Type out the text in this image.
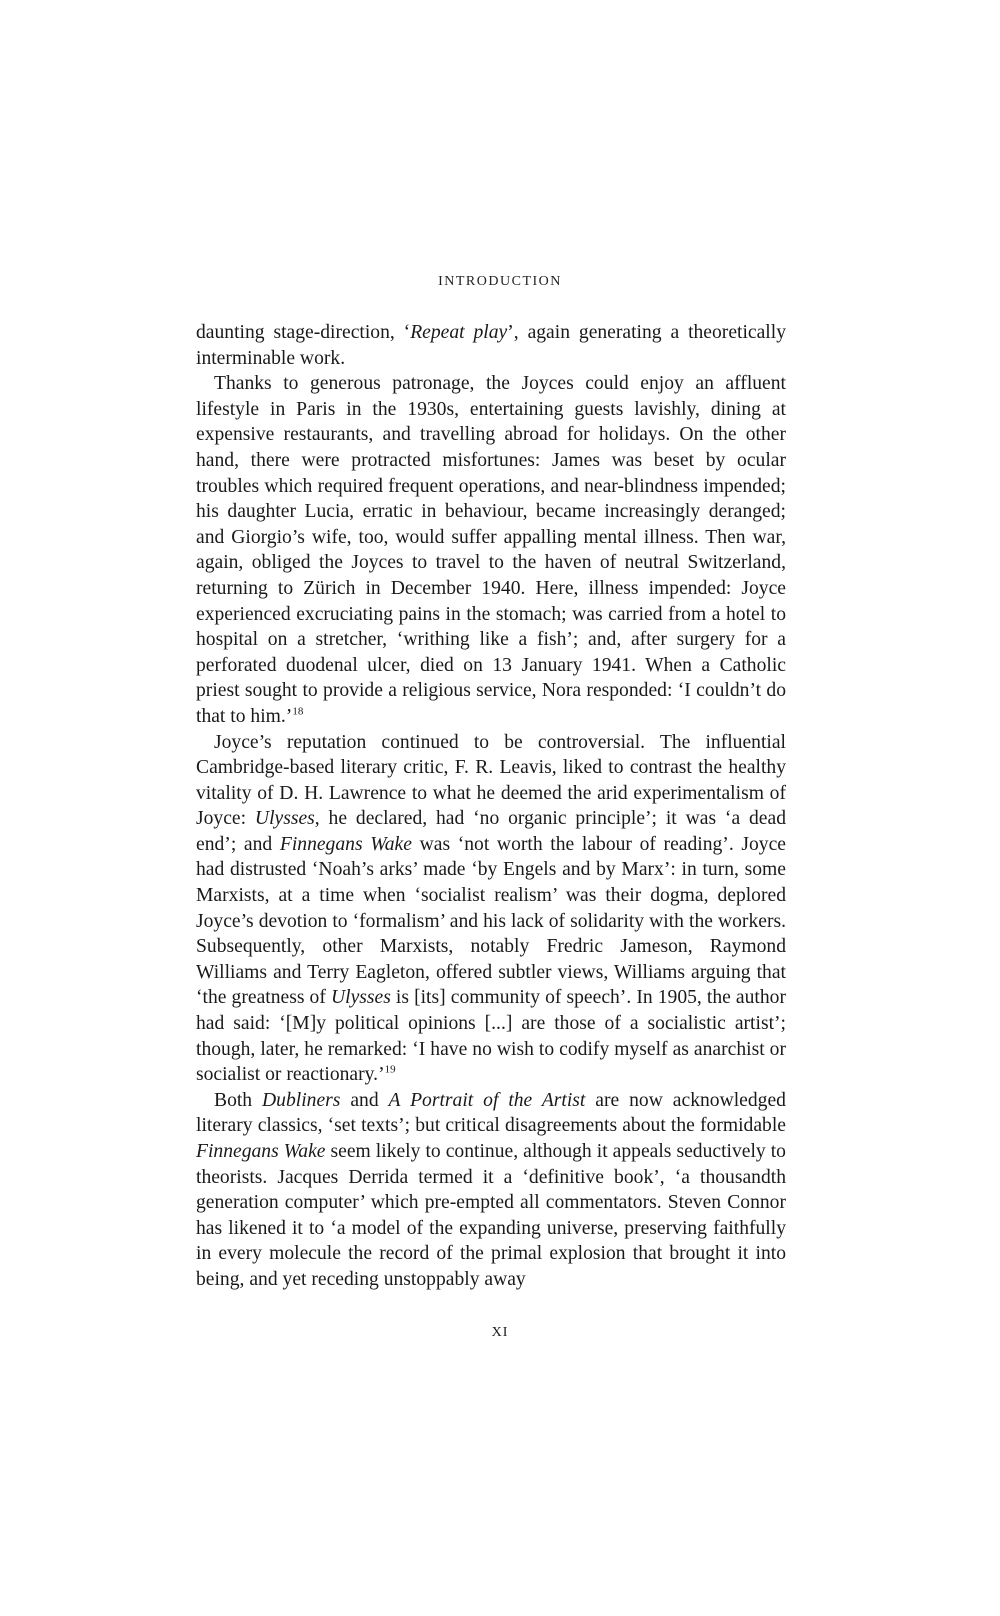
INTRODUCTION

daunting stage-direction, ‘Repeat play’, again generating a theoretically interminable work.

Thanks to generous patronage, the Joyces could enjoy an affluent lifestyle in Paris in the 1930s, entertaining guests lavishly, dining at expensive restaurants, and travelling abroad for holidays. On the other hand, there were protracted misfortunes: James was beset by ocular troubles which required frequent operations, and near-blindness impended; his daughter Lucia, erratic in behaviour, became increasingly deranged; and Giorgio’s wife, too, would suffer appalling mental illness. Then war, again, obliged the Joyces to travel to the haven of neutral Switzerland, returning to Zürich in December 1940. Here, illness impended: Joyce experienced excruciating pains in the stomach; was carried from a hotel to hospital on a stretcher, ‘writhing like a fish’; and, after surgery for a perforated duodenal ulcer, died on 13 January 1941. When a Catholic priest sought to provide a religious service, Nora responded: ‘I couldn’t do that to him.’$^{18}$

Joyce’s reputation continued to be controversial. The influential Cambridge-based literary critic, F. R. Leavis, liked to contrast the healthy vitality of D. H. Lawrence to what he deemed the arid experimentalism of Joyce: Ulysses, he declared, had ‘no organic principle’; it was ‘a dead end’; and Finnegans Wake was ‘not worth the labour of reading’. Joyce had distrusted ‘Noah’s arks’ made ‘by Engels and by Marx’: in turn, some Marxists, at a time when ‘socialist realism’ was their dogma, deplored Joyce’s devotion to ‘formalism’ and his lack of solidarity with the workers. Subsequently, other Marxists, notably Fredric Jameson, Raymond Williams and Terry Eagleton, offered subtler views, Williams arguing that ‘the greatness of Ulysses is [its] community of speech’. In 1905, the author had said: ‘[M]y political opinions [...] are those of a socialistic artist’; though, later, he remarked: ‘I have no wish to codify myself as anarchist or socialist or reactionary.’$^{19}$

Both Dubliners and A Portrait of the Artist are now acknowledged literary classics, ‘set texts’; but critical disagreements about the formidable Finnegans Wake seem likely to continue, although it appeals seductively to theorists. Jacques Derrida termed it a ‘definitive book’, ‘a thousandth generation computer’ which pre-empted all commentators. Steven Connor has likened it to ‘a model of the expanding universe, preserving faithfully in every molecule the record of the primal explosion that brought it into being, and yet receding unstoppably away

XI
